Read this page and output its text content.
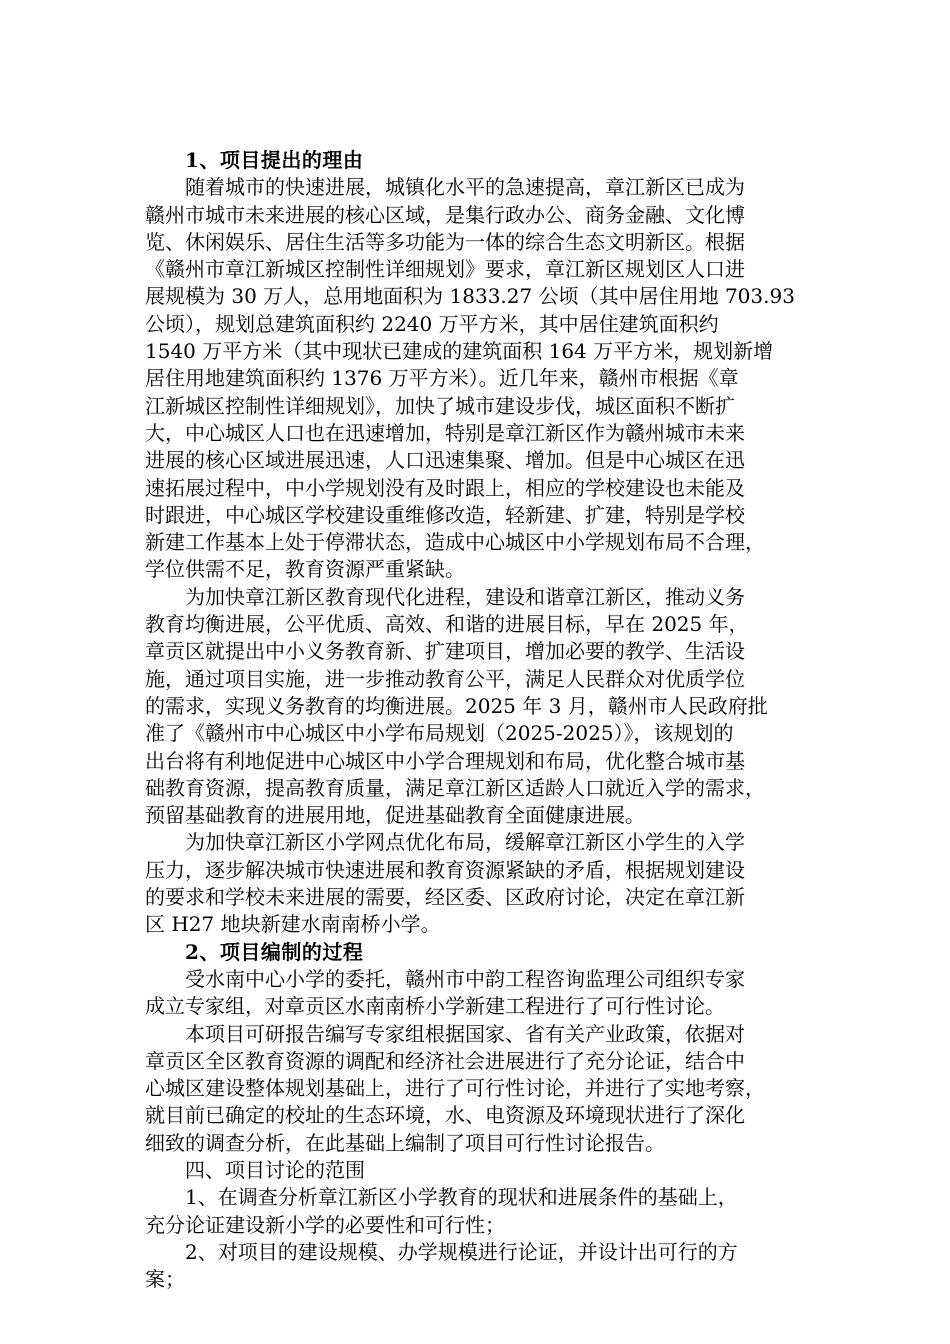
1、项目提出的理由
随着城市的快速进展，城镇化水平的急速提高，章江新区已成为
赣州市城市未来进展的核心区域，是集行政办公、商务金融、文化博
览、休闲娱乐、居住生活等多功能为一体的综合生态文明新区。根据
《赣州市章江新城区控制性详细规划》要求，章江新区规划区人口进
展规模为 30 万人，总用地面积为 1833.27 公顷（其中居住用地 703.93
公顷），规划总建筑面积约 2240 万平方米，其中居住建筑面积约
1540 万平方米（其中现状已建成的建筑面积 164 万平方米，规划新增
居住用地建筑面积约 1376 万平方米）。近几年来，赣州市根据《章
江新城区控制性详细规划》，加快了城市建设步伐，城区面积不断扩
大，中心城区人口也在迅速增加，特别是章江新区作为赣州城市未来
进展的核心区域进展迅速，人口迅速集聚、增加。但是中心城区在迅
速拓展过程中，中小学规划没有及时跟上，相应的学校建设也未能及
时跟进，中心城区学校建设重维修改造，轻新建、扩建，特别是学校
新建工作基本上处于停滞状态，造成中心城区中小学规划布局不合理，
学位供需不足，教育资源严重紧缺。
为加快章江新区教育现代化进程，建设和谐章江新区，推动义务
教育均衡进展，公平优质、高效、和谐的进展目标，早在 2025 年，
章贡区就提出中小义务教育新、扩建项目，增加必要的教学、生活设
施，通过项目实施，进一步推动教育公平，满足人民群众对优质学位
的需求，实现义务教育的均衡进展。2025 年 3 月，赣州市人民政府批
准了《赣州市中心城区中小学布局规划（2025-2025）》，该规划的
出台将有利地促进中心城区中小学合理规划和布局，优化整合城市基
础教育资源，提高教育质量，满足章江新区适龄人口就近入学的需求，
预留基础教育的进展用地，促进基础教育全面健康进展。
为加快章江新区小学网点优化布局，缓解章江新区小学生的入学
压力，逐步解决城市快速进展和教育资源紧缺的矛盾，根据规划建设
的要求和学校未来进展的需要，经区委、区政府讨论，决定在章江新
区 H27 地块新建水南南桥小学。
2、项目编制的过程
受水南中心小学的委托，赣州市中韵工程咨询监理公司组织专家
成立专家组，对章贡区水南南桥小学新建工程进行了可行性讨论。
本项目可研报告编写专家组根据国家、省有关产业政策，依据对
章贡区全区教育资源的调配和经济社会进展进行了充分论证，结合中
心城区建设整体规划基础上，进行了可行性讨论，并进行了实地考察，
就目前已确定的校址的生态环境，水、电资源及环境现状进行了深化
细致的调查分析，在此基础上编制了项目可行性讨论报告。
四、项目讨论的范围
1、在调查分析章江新区小学教育的现状和进展条件的基础上，
充分论证建设新小学的必要性和可行性；
2、对项目的建设规模、办学规模进行论证，并设计出可行的方
案；
